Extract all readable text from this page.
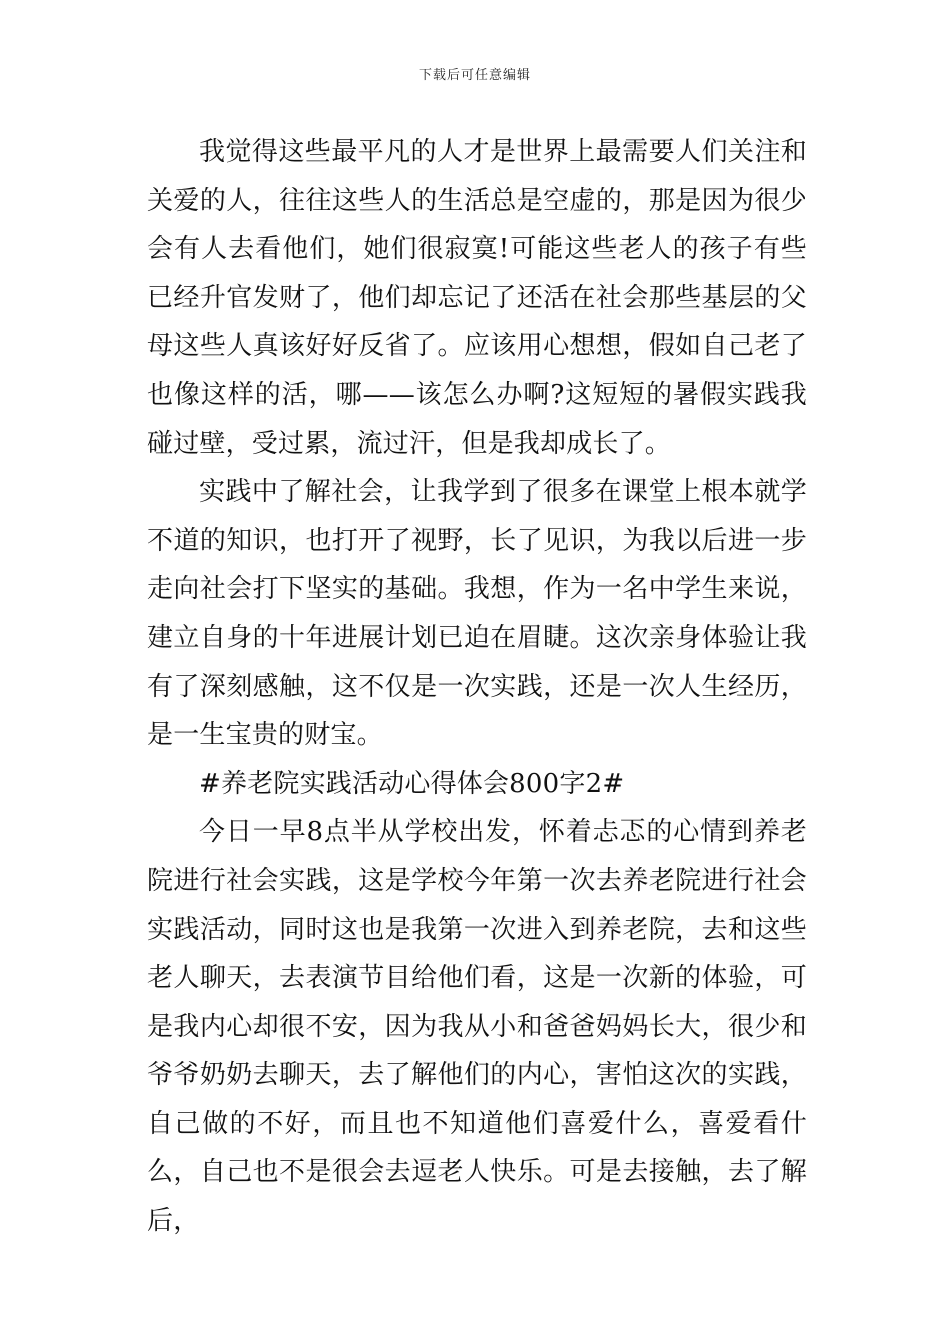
下载后可任意编辑

我觉得这些最平凡的人才是世界上最需要人们关注和关爱的人，往往这些人的生活总是空虚的，那是因为很少会有人去看他们，她们很寂寞!可能这些老人的孩子有些已经升官发财了，他们却忘记了还活在社会那些基层的父母这些人真该好好反省了。应该用心想想，假如自己老了也像这样的活，哪——该怎么办啊?这短短的暑假实践我碰过壁，受过累，流过汗，但是我却成长了。

实践中了解社会，让我学到了很多在课堂上根本就学不道的知识，也打开了视野，长了见识，为我以后进一步走向社会打下坚实的基础。我想，作为一名中学生来说，建立自身的十年进展计划已迫在眉睫。这次亲身体验让我有了深刻感触，这不仅是一次实践，还是一次人生经历，是一生宝贵的财宝。

#养老院实践活动心得体会800字2#

今日一早8点半从学校出发，怀着忐忑的心情到养老院进行社会实践，这是学校今年第一次去养老院进行社会实践活动，同时这也是我第一次进入到养老院，去和这些老人聊天，去表演节目给他们看，这是一次新的体验，可是我内心却很不安，因为我从小和爸爸妈妈长大，很少和爷爷奶奶去聊天，去了解他们的内心，害怕这次的实践，自己做的不好，而且也不知道他们喜爱什么，喜爱看什么，自己也不是很会去逗老人快乐。可是去接触，去了解后，
